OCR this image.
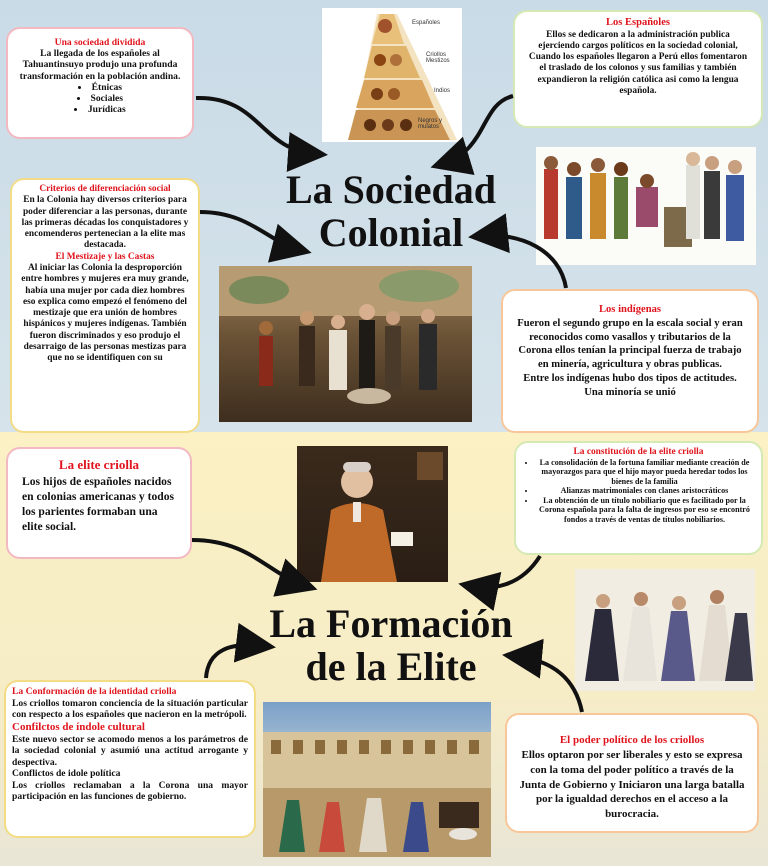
Españoles
Criollos Mestizos
Indios
Negros y mulatos
Una sociedad dividida
La llegada de los españoles al Tahuantinsuyo produjo una profunda transformación en la población andina.
• Étnicas
• Sociales
• Jurídicas
Los Españoles
Ellos se dedicaron a la administración publica ejerciendo cargos políticos en la sociedad colonial, Cuando los españoles llegaron a Perú ellos fomentaron el traslado de los colonos y sus familias y también expandieron la religión católica asi como la lengua española.
La Sociedad
Colonial
Criterios de diferenciación social
En la Colonia hay diversos criterios para poder diferenciar a las personas, durante las primeras décadas los conquistadores y encomenderos pertenecian a la elite mas destacada.
El Mestizaje y las Castas
Al iniciar las Colonia la desproporción entre hombres y mujeres era muy grande, había una mujer por cada diez hombres eso explica como empezó el fenómeno del mestizaje que era unión de hombres hispánicos y mujeres indígenas. También fueron discriminados y eso produjo el desarraigo de las personas mestizas para que no se identifiquen con su
Los indígenas
Fueron el segundo grupo en la escala social y eran reconocidos como vasallos y tributarios de la Corona ellos tenían la principal fuerza de trabajo en minería, agricultura y obras publicas.
Entre los indígenas hubo dos tipos de actitudes. Una minoría se unió
La elite criolla
Los hijos de españoles nacidos en colonias americanas y todos los parientes formaban una elite social.
La constitución de la elite criolla
• La consolidación de la fortuna familiar mediante creación de mayorazgos para que el hijo mayor pueda heredar todos los bienes de la familia
• Alianzas matrimoniales con clanes aristocráticos
• La obtención de un título nobiliario que es facilitado por la Corona española para la falta de ingresos por eso se encontró fondos a través de ventas de títulos nobiliarios.
La Formación
de la Elite
La Conformación de la identidad criolla
Los criollos tomaron conciencia de la situación particular con respecto a los españoles que nacieron en la metrópoli.
Confilctos de índole cultural
Este nuevo sector se acomodo menos a los parámetros de la sociedad colonial y asumió una actitud arrogante y despectiva.
Conflictos de idole política
Los criollos reclamaban a la Corona una mayor participación en las funciones de gobierno.
El poder político de los criollos
Ellos optaron por ser liberales y esto se expresa con la toma del poder político a través de la Junta de Gobierno y Iniciaron una larga batalla por la igualdad derechos en el acceso a la burocracia.
